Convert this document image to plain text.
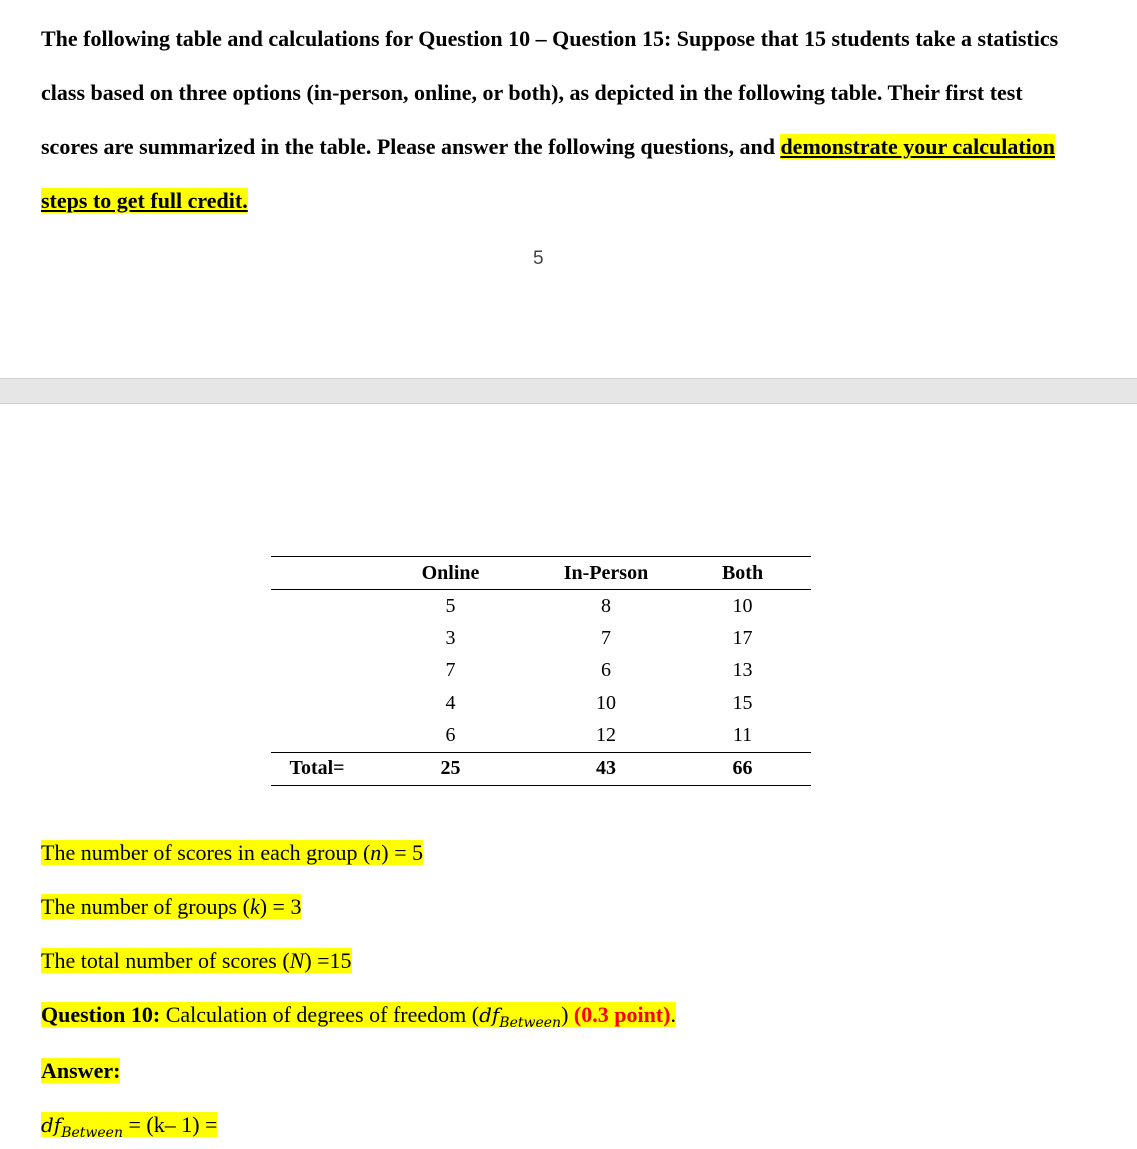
The following table and calculations for Question 10 – Question 15: Suppose that 15 students take a statistics class based on three options (in-person, online, or both), as depicted in the following table. Their first test scores are summarized in the table. Please answer the following questions, and demonstrate your calculation steps to get full credit.

5
	Online	In-Person	Both
	5	8	10
	3	7	17
	7	6	13
	4	10	15
	6	12	11
Total=	25	43	66
The number of scores in each group (n) = 5
The number of groups (k) = 3
The total number of scores (N) =15
Question 10: Calculation of degrees of freedom $(df_{Between})$ (0.3 point).
Answer:
$df_{Between} = (k-$ 1) =
